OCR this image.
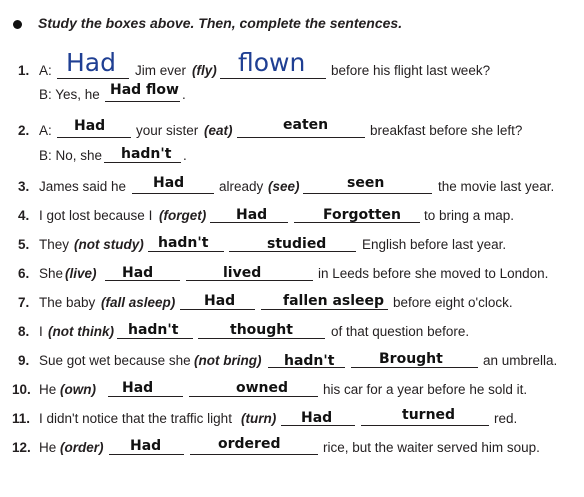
Study the boxes above. Then, complete the sentences.
1. A: Had Jim ever (fly) flown before his flight last week?
B: Yes, he Had flow .
2. A: Had your sister (eat)	eaten	breakfast before she left?
B: No, she hadn't .
3. James said he Had	already (see)	seen	the movie last year.
4. I got lost because I (forget) Had	Forgotten to bring a map.
5. They (not study) hadn't	studied	English before last year.
6. She (live) Had	lived	in Leeds before she moved to London.
7. The baby (fall asleep) Had	fallen asleep before eight o'clock.
8. I (not think) hadn't	thought	of that question before.
9. Sue got wet because she (not bring) hadn't	Brought	an umbrella.
10. He (own) Had	owned	his car for a year before he sold it.
11. I didn't notice that the traffic light (turn) Had	turned	red.
12. He (order) Had	ordered	rice, but the waiter served him soup.
